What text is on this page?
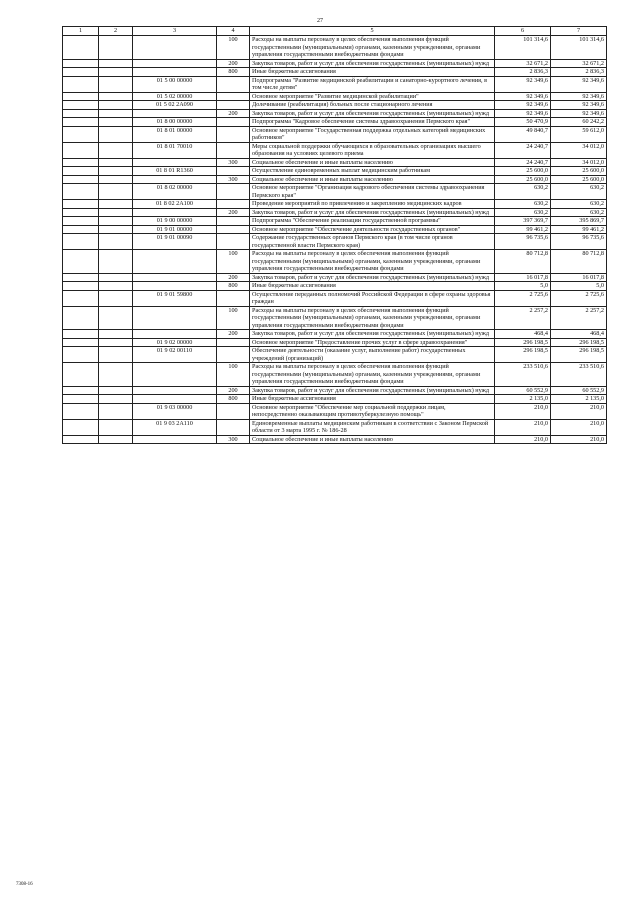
27
1	2	3	4	5	6	7
			100	Расходы на выплаты персоналу в целях обеспечения выполнения функций государственными (муниципальными) органами, казенными учреждениями, органами управления государственными внебюджетными фондами	101 314,6	101 314,6
			200	Закупка товаров, работ и услуг для обеспечения государственных (муниципальных) нужд	32 671,2	32 671,2
			800	Иные бюджетные ассигнования	2 836,3	2 836,3
		01 5 00 00000		Подпрограмма "Развитие медицинской реабилитации и санаторно-курортного лечения, в том числе детям"	92 349,6	92 349,6
		01 5 02 00000		Основное мероприятие "Развитие медицинской реабилитации"	92 349,6	92 349,6
		01 5 02 2А090		Долечивание (реабилитация) больных после стационарного лечения	92 349,6	92 349,6
			200	Закупка товаров, работ и услуг для обеспечения государственных (муниципальных) нужд	92 349,6	92 349,6
		01 8 00 00000		Подпрограмма "Кадровое обеспечение системы здравоохранения Пермского края"	50 470,9	60 242,2
		01 8 01 00000		Основное мероприятие "Государственная поддержка отдельных категорий медицинских работников"	49 840,7	59 612,0
		01 8 01 70010		Меры социальной поддержки обучающихся в образовательных организациях высшего образования на условиях целевого приема	24 240,7	34 012,0
			300	Социальное обеспечение и иные выплаты населению	24 240,7	34 012,0
		01 8 01 R1360		Осуществление единовременных выплат медицинским работникам	25 600,0	25 600,0
			300	Социальное обеспечение и иные выплаты населению	25 600,0	25 600,0
		01 8 02 00000		Основное мероприятие "Организация кадрового обеспечения системы здравоохранения Пермского края"	630,2	630,2
		01 8 02 2А100		Проведение мероприятий по привлечению и закреплению медицинских кадров	630,2	630,2
			200	Закупка товаров, работ и услуг для обеспечения государственных (муниципальных) нужд	630,2	630,2
		01 9 00 00000		Подпрограмма "Обеспечение реализации государственной программы"	397 369,7	395 869,7
		01 9 01 00000		Основное мероприятие "Обеспечение деятельности государственных органов"	99 461,2	99 461,2
		01 9 01 00090		Содержание государственных органов Пермского края (в том числе органов государственной власти Пермского края)	96 735,6	96 735,6
			100	Расходы на выплаты персоналу в целях обеспечения выполнения функций государственными (муниципальными) органами, казенными учреждениями, органами управления государственными внебюджетными фондами	80 712,8	80 712,8
			200	Закупка товаров, работ и услуг для обеспечения государственных (муниципальных) нужд	16 017,8	16 017,8
			800	Иные бюджетные ассигнования	5,0	5,0
		01 9 01 59800		Осуществление переданных полномочий Российской Федерации в сфере охраны здоровья граждан	2 725,6	2 725,6
			100	Расходы на выплаты персоналу в целях обеспечения выполнения функций государственными (муниципальными) органами, казенными учреждениями, органами управления государственными внебюджетными фондами	2 257,2	2 257,2
			200	Закупка товаров, работ и услуг для обеспечения государственных (муниципальных) нужд	468,4	468,4
		01 9 02 00000		Основное мероприятие "Предоставление прочих услуг в сфере здравоохранения"	296 198,5	296 198,5
		01 9 02 00110		Обеспечение деятельности (оказание услуг, выполнение работ) государственных учреждений (организаций)	296 198,5	296 198,5
			100	Расходы на выплаты персоналу в целях обеспечения выполнения функций государственными (муниципальными) органами, казенными учреждениями, органами управления государственными внебюджетными фондами	233 510,6	233 510,6
			200	Закупка товаров, работ и услуг для обеспечения государственных (муниципальных) нужд	60 552,9	60 552,9
			800	Иные бюджетные ассигнования	2 135,0	2 135,0
		01 9 03 00000		Основное мероприятие "Обеспечение мер социальной поддержки лицам, непосредственно оказывающим противотуберкулезную помощь"	210,0	210,0
		01 9 03 2А110		Единовременные выплаты медицинским работникам в соответствии с Законом Пермской области от 3 марта 1995 г. № 186-28	210,0	210,0
			300	Социальное обеспечение и иные выплаты населению	210,0	210,0
7308-16
